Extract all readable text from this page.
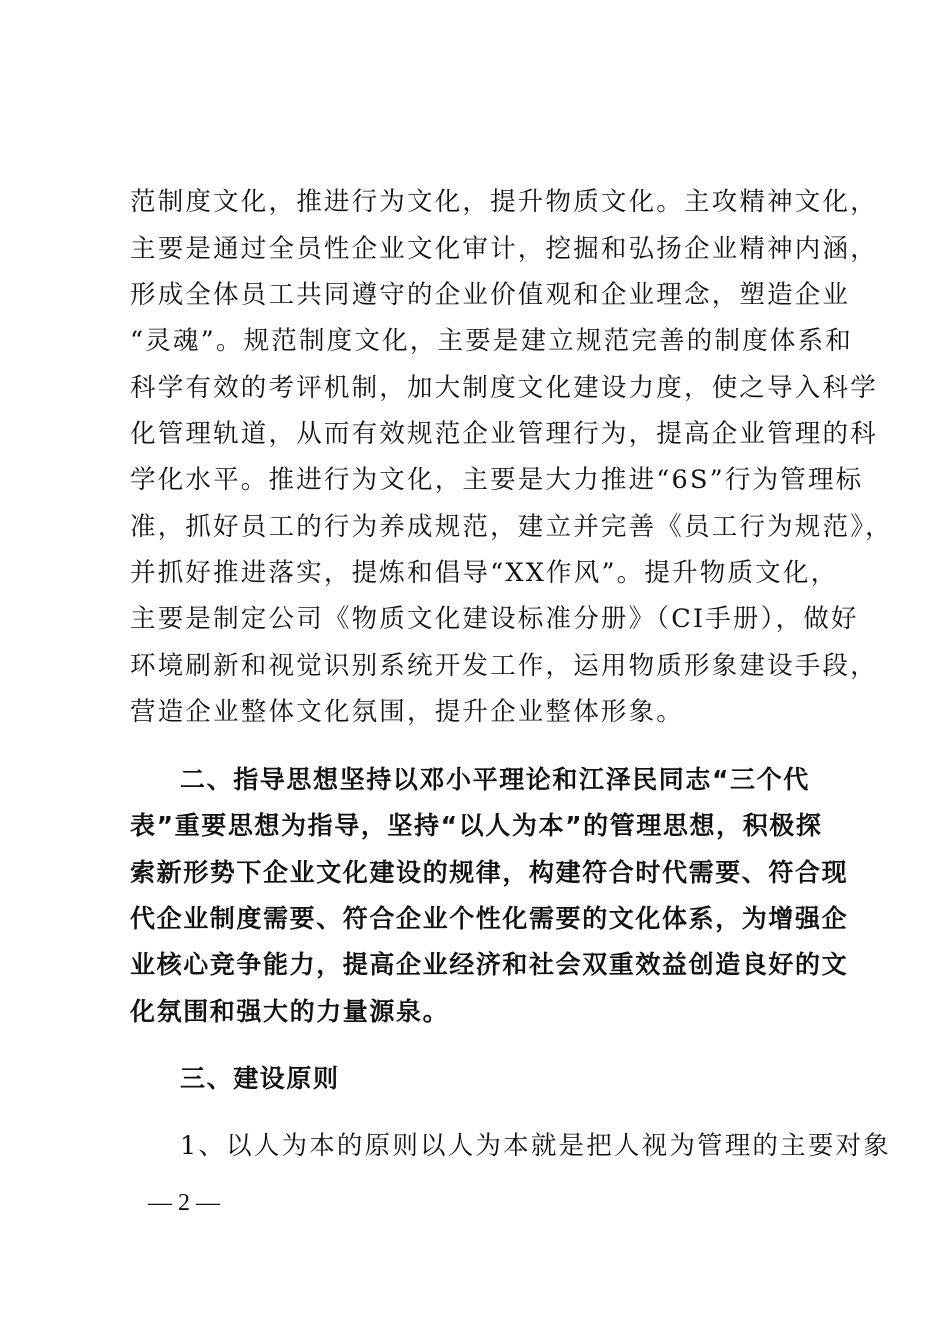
范制度文化，推进行为文化，提升物质文化。主攻精神文化，
主要是通过全员性企业文化审计，挖掘和弘扬企业精神内涵，
形成全体员工共同遵守的企业价值观和企业理念，塑造企业
“灵魂”。规范制度文化，主要是建立规范完善的制度体系和
科学有效的考评机制，加大制度文化建设力度，使之导入科学
化管理轨道，从而有效规范企业管理行为，提高企业管理的科
学化水平。推进行为文化，主要是大力推进“6S”行为管理标
准，抓好员工的行为养成规范，建立并完善《员工行为规范》，
并抓好推进落实，提炼和倡导“XX作风”。提升物质文化，
主要是制定公司《物质文化建设标准分册》（CI手册），做好
环境刷新和视觉识别系统开发工作，运用物质形象建设手段，
营造企业整体文化氛围，提升企业整体形象。
二、指导思想坚持以邓小平理论和江泽民同志“三个代
表”重要思想为指导，坚持“以人为本”的管理思想，积极探
索新形势下企业文化建设的规律，构建符合时代需要、符合现
代企业制度需要、符合企业个性化需要的文化体系，为增强企
业核心竞争能力，提高企业经济和社会双重效益创造良好的文
化氛围和强大的力量源泉。
三、建设原则
1、以人为本的原则以人为本就是把人视为管理的主要对象
— 2 —
